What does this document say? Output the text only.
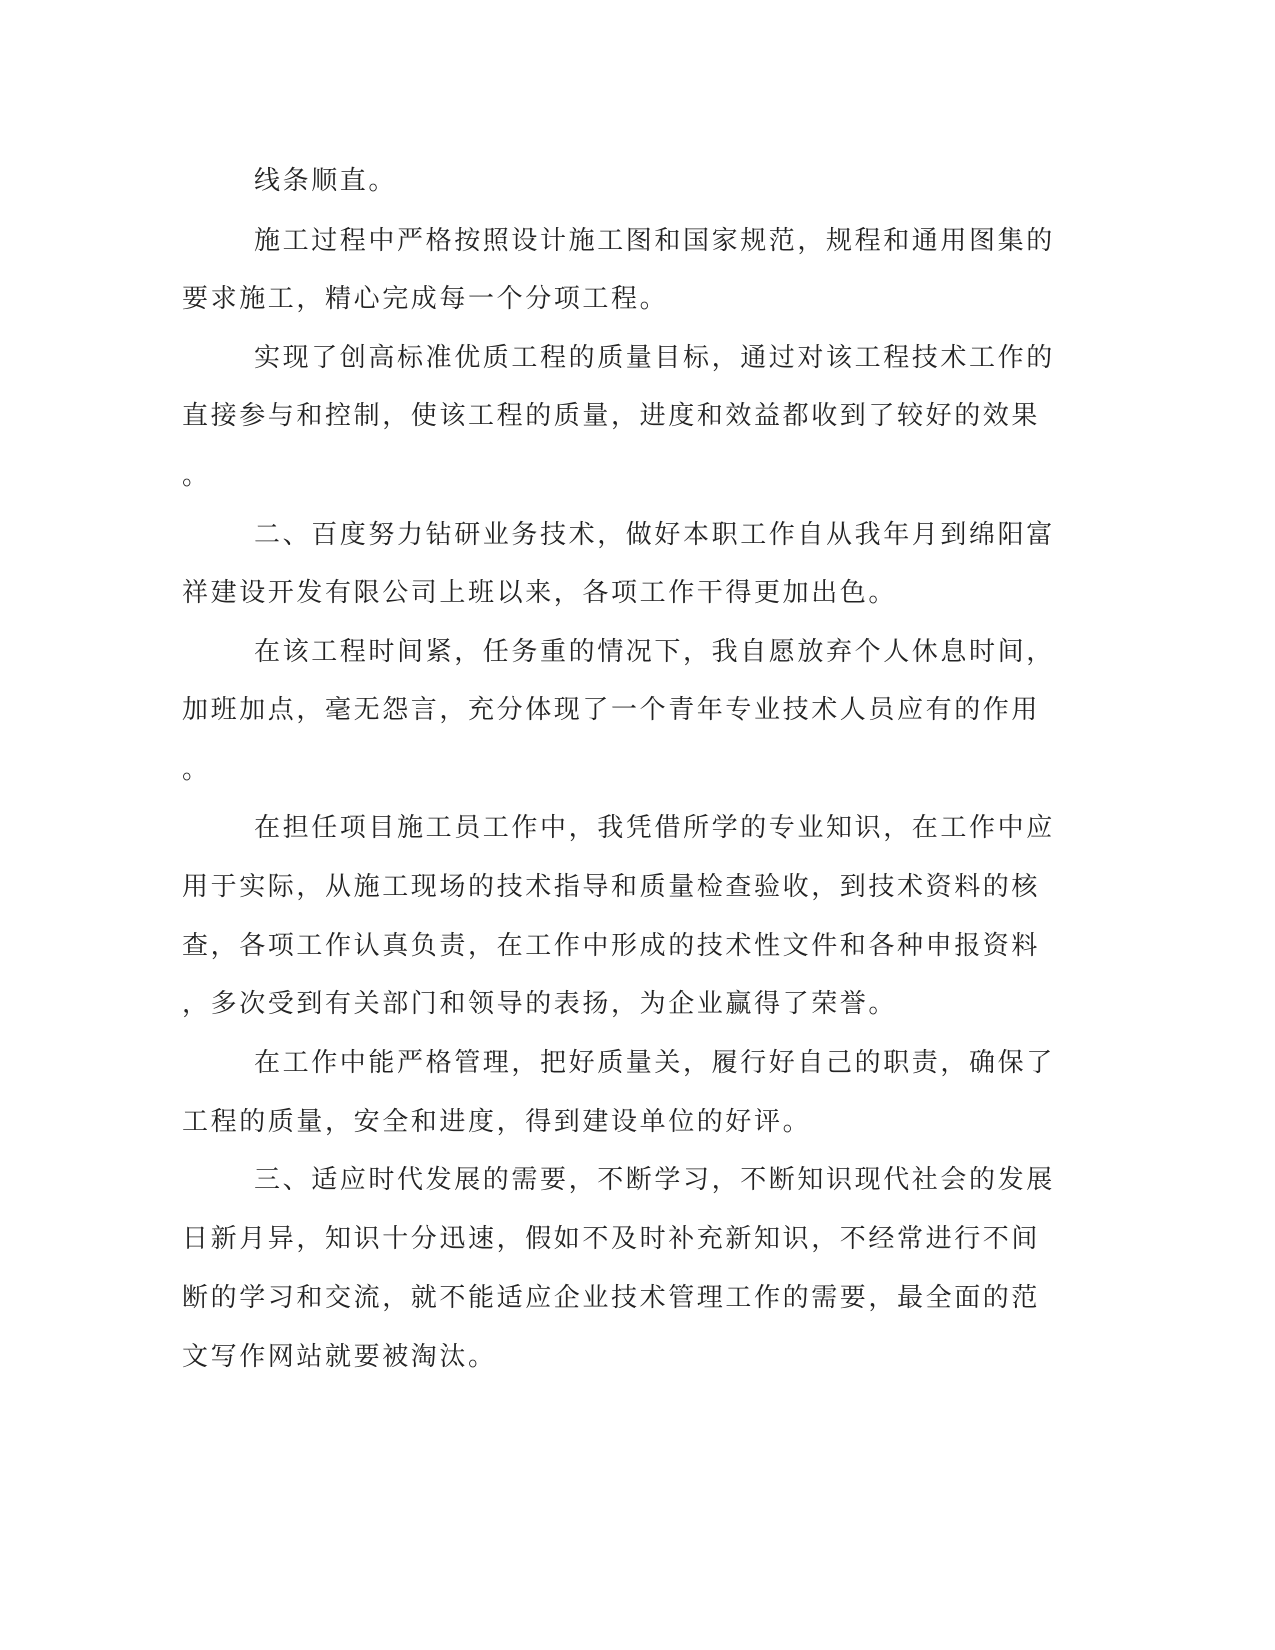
线条顺直。
施工过程中严格按照设计施工图和国家规范，规程和通用图集的
要求施工，精心完成每一个分项工程。
实现了创高标准优质工程的质量目标，通过对该工程技术工作的
直接参与和控制，使该工程的质量，进度和效益都收到了较好的效果
。
二、百度努力钻研业务技术，做好本职工作自从我年月到绵阳富
祥建设开发有限公司上班以来，各项工作干得更加出色。
在该工程时间紧，任务重的情况下，我自愿放弃个人休息时间，
加班加点，毫无怨言，充分体现了一个青年专业技术人员应有的作用
。
在担任项目施工员工作中，我凭借所学的专业知识，在工作中应
用于实际，从施工现场的技术指导和质量检查验收，到技术资料的核
查，各项工作认真负责，在工作中形成的技术性文件和各种申报资料
，多次受到有关部门和领导的表扬，为企业赢得了荣誉。
在工作中能严格管理，把好质量关，履行好自己的职责，确保了
工程的质量，安全和进度，得到建设单位的好评。
三、适应时代发展的需要，不断学习，不断知识现代社会的发展
日新月异，知识十分迅速，假如不及时补充新知识，不经常进行不间
断的学习和交流，就不能适应企业技术管理工作的需要，最全面的范
文写作网站就要被淘汰。
